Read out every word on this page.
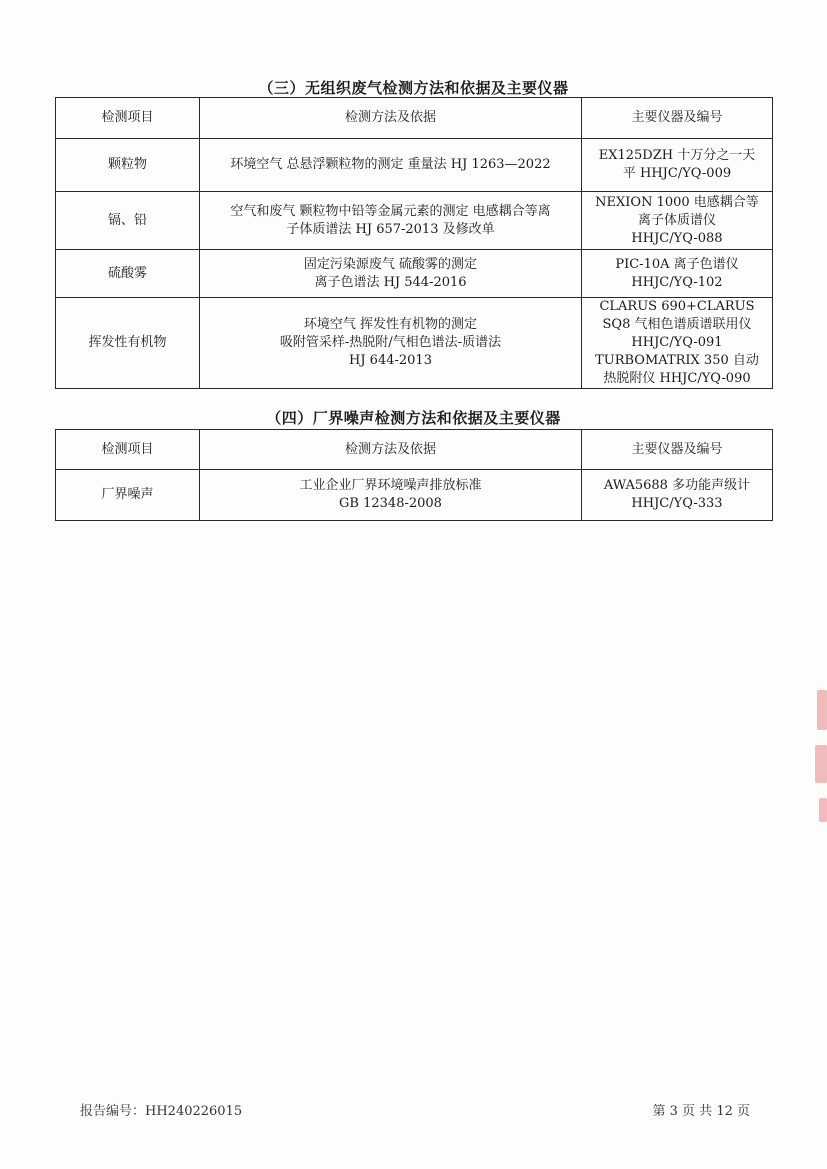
（三）无组织废气检测方法和依据及主要仪器
检测项目	检测方法及依据	主要仪器及编号
颗粒物	环境空气 总悬浮颗粒物的测定 重量法 HJ 1263—2022	EX125DZH 十万分之一天
平 HHJC/YQ-009

镉、铅	空气和废气 颗粒物中铅等金属元素的测定 电感耦合等离
子体质谱法 HJ 657-2013 及修改单	NEXION 1000 电感耦合等
离子体质谱仪
HHJC/YQ-088

硫酸雾	固定污染源废气 硫酸雾的测定
离子色谱法 HJ 544-2016	PIC-10A 离子色谱仪
HHJC/YQ-102

挥发性有机物	环境空气 挥发性有机物的测定
吸附管采样-热脱附/气相色谱法-质谱法
HJ 644-2013	CLARUS 690+CLARUS
SQ8 气相色谱质谱联用仪
HHJC/YQ-091
TURBOMATRIX 350 自动
热脱附仪 HHJC/YQ-090
（四）厂界噪声检测方法和依据及主要仪器
检测项目	检测方法及依据	主要仪器及编号
厂界噪声	工业企业厂界环境噪声排放标准
GB 12348-2008	AWA5688 多功能声级计
HHJC/YQ-333
报告编号：HH240226015	第 3 页 共 12 页
